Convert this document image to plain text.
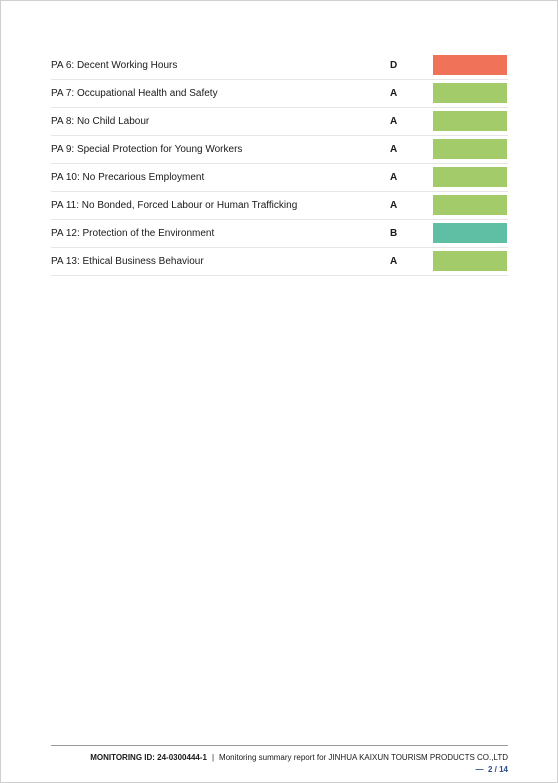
PA 6: Decent Working Hours	D
PA 7: Occupational Health and Safety	A
PA 8: No Child Labour	A
PA 9: Special Protection for Young Workers	A
PA 10: No Precarious Employment	A
PA 11: No Bonded, Forced Labour or Human Trafficking	A
PA 12: Protection of the Environment	B
PA 13: Ethical Business Behaviour	A
MONITORING ID: 24-0300444-1 | Monitoring summary report for JINHUA KAIXUN TOURISM PRODUCTS CO.,LTD
— 2 / 14
